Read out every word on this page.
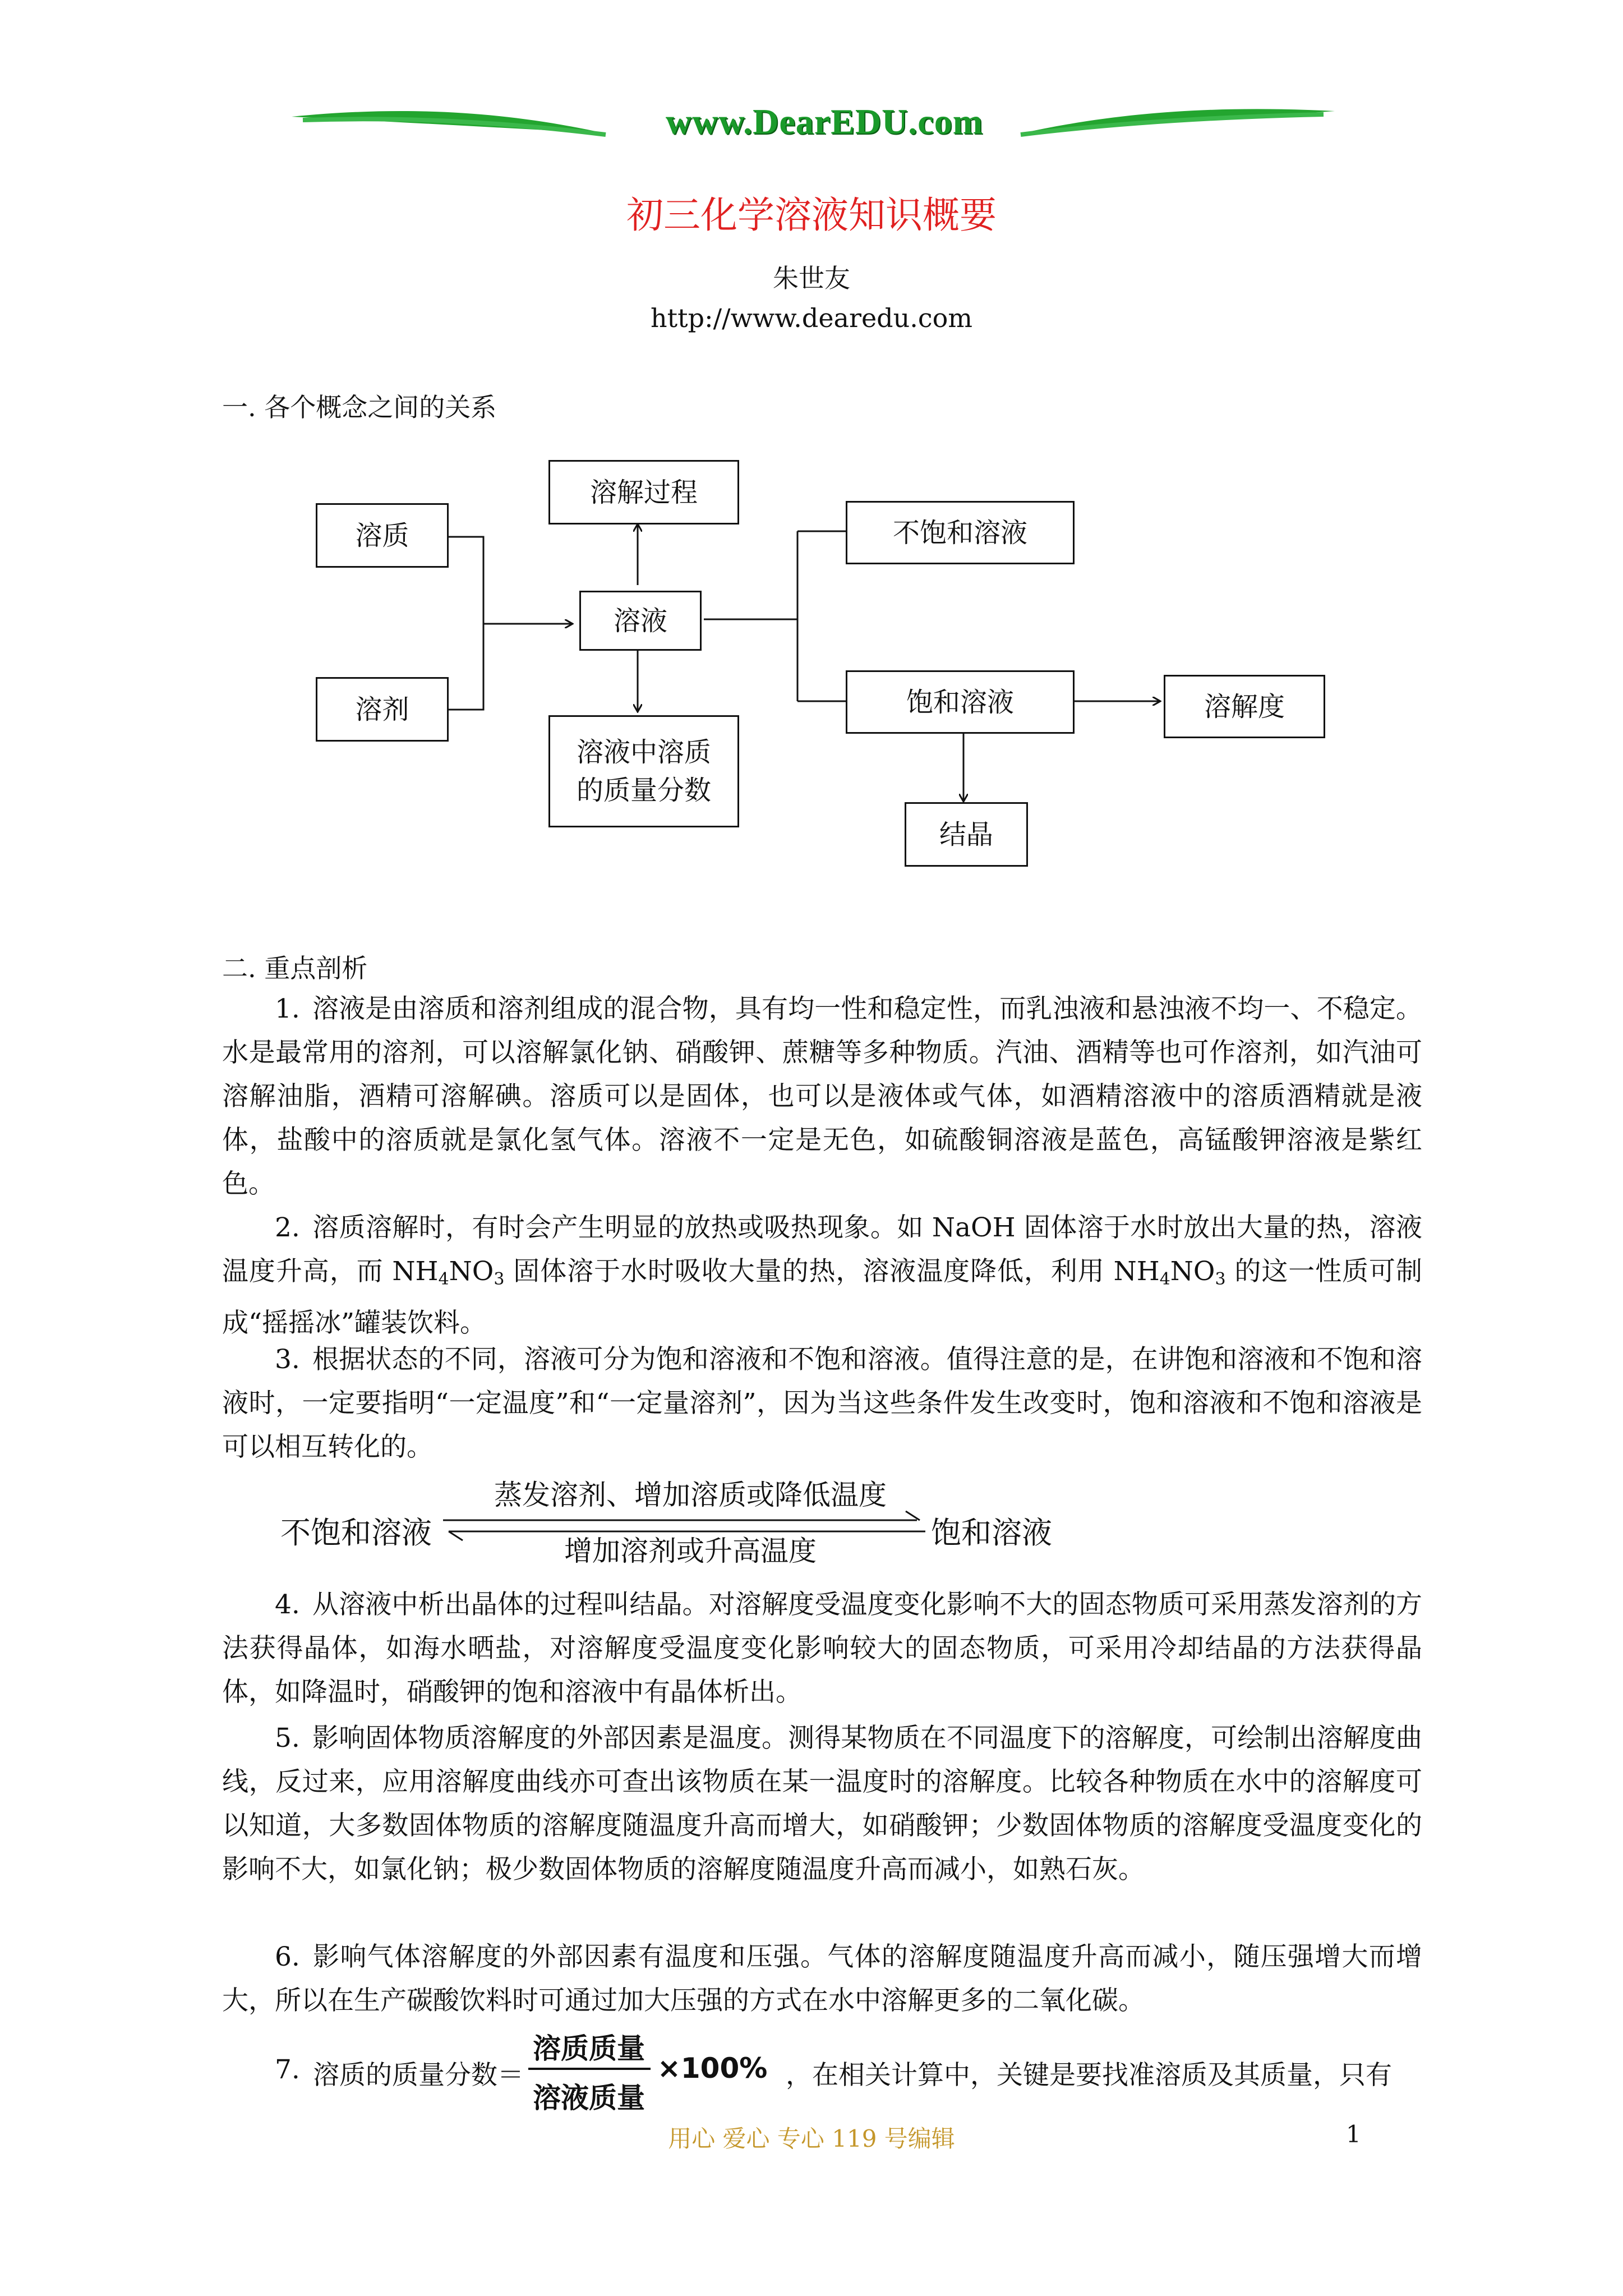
www.DearEDU.com
初三化学溶液知识概要
朱世友
http://www.dearedu.com
一. 各个概念之间的关系
溶质
溶剂
溶解过程
溶液
溶液中溶质
的质量分数
不饱和溶液
饱和溶液	溶解度
结晶
二. 重点剖析
1. 溶液是由溶质和溶剂组成的混合物，具有均一性和稳定性，而乳浊液和悬浊液不均一、不稳定。水是最常用的溶剂，可以溶解氯化钠、硝酸钾、蔗糖等多种物质。汽油、酒精等也可作溶剂，如汽油可溶解油脂，酒精可溶解碘。溶质可以是固体，也可以是液体或气体，如酒精溶液中的溶质酒精就是液体，盐酸中的溶质就是氯化氢气体。溶液不一定是无色，如硫酸铜溶液是蓝色，高锰酸钾溶液是紫红色。
2. 溶质溶解时，有时会产生明显的放热或吸热现象。如 NaOH 固体溶于水时放出大量的热，溶液温度升高，而 $NH_4NO_3$ 固体溶于水时吸收大量的热，溶液温度降低，利用 $NH_4NO_3$ 的这一性质可制成“摇摇冰”罐装饮料。
3. 根据状态的不同，溶液可分为饱和溶液和不饱和溶液。值得注意的是，在讲饱和溶液和不饱和溶液时，一定要指明“一定温度”和“一定量溶剂”，因为当这些条件发生改变时，饱和溶液和不饱和溶液是可以相互转化的。
不饱和溶液	饱和溶液
蒸发溶剂、增加溶质或降低温度
增加溶剂或升高温度
4. 从溶液中析出晶体的过程叫结晶。对溶解度受温度变化影响不大的固态物质可采用蒸发溶剂的方法获得晶体，如海水晒盐，对溶解度受温度变化影响较大的固态物质，可采用冷却结晶的方法获得晶体，如降温时，硝酸钾的饱和溶液中有晶体析出。
5. 影响固体物质溶解度的外部因素是温度。测得某物质在不同温度下的溶解度，可绘制出溶解度曲线，反过来，应用溶解度曲线亦可查出该物质在某一温度时的溶解度。比较各种物质在水中的溶解度可以知道，大多数固体物质的溶解度随温度升高而增大，如硝酸钾；少数固体物质的溶解度受温度变化的影响不大，如氯化钠；极少数固体物质的溶解度随温度升高而减小，如熟石灰。
6. 影响气体溶解度的外部因素有温度和压强。气体的溶解度随温度升高而减小，随压强增大而增大，所以在生产碳酸饮料时可通过加大压强的方式在水中溶解更多的二氧化碳。
7. 溶质的质量分数＝
溶质质量
溶液质量
×100% ，在相关计算中，关键是要找准溶质及其质量，只有
用心 爱心 专心 119 号编辑	1
